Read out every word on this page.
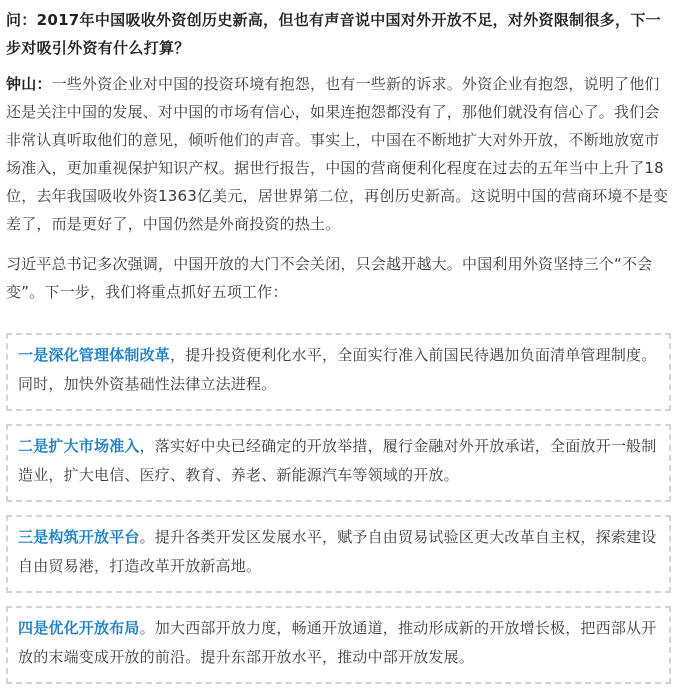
问：2017年中国吸收外资创历史新高，但也有声音说中国对外开放不足，对外资限制很多，下一步对吸引外资有什么打算？

钟山：一些外资企业对中国的投资环境有抱怨，也有一些新的诉求。外资企业有抱怨，说明了他们还是关注中国的发展、对中国的市场有信心，如果连抱怨都没有了，那他们就没有信心了。我们会非常认真听取他们的意见，倾听他们的声音。事实上，中国在不断地扩大对外开放，不断地放宽市场准入，更加重视保护知识产权。据世行报告，中国的营商便利化程度在过去的五年当中上升了18位，去年我国吸收外资1363亿美元，居世界第二位，再创历史新高。这说明中国的营商环境不是变差了，而是更好了，中国仍然是外商投资的热土。

习近平总书记多次强调，中国开放的大门不会关闭，只会越开越大。中国利用外资坚持三个“不会变”。下一步，我们将重点抓好五项工作：

一是深化管理体制改革，提升投资便利化水平，全面实行准入前国民待遇加负面清单管理制度。同时，加快外资基础性法律立法进程。

二是扩大市场准入，落实好中央已经确定的开放举措，履行金融对外开放承诺，全面放开一般制造业，扩大电信、医疗、教育、养老、新能源汽车等领域的开放。

三是构筑开放平台。提升各类开发区发展水平，赋予自由贸易试验区更大改革自主权，探索建设自由贸易港，打造改革开放新高地。

四是优化开放布局。加大西部开放力度，畅通开放通道，推动形成新的开放增长极，把西部从开放的末端变成开放的前沿。提升东部开放水平，推动中部开放发展。
